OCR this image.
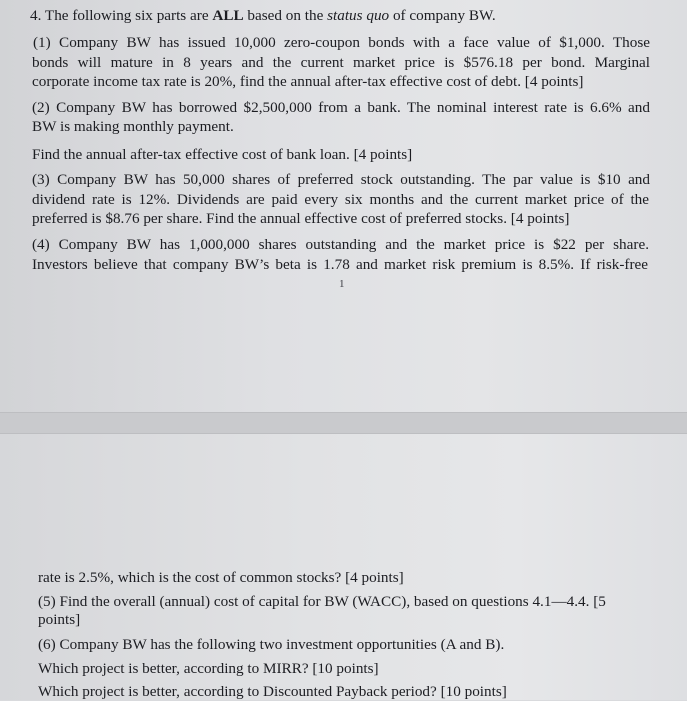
4. The following six parts are ALL based on the status quo of company BW.
(1) Company BW has issued 10,000 zero-coupon bonds with a face value of $1,000. Those
bonds will mature in 8 years and the current market price is $576.18 per bond. Marginal
corporate income tax rate is 20%, find the annual after-tax effective cost of debt. [4 points]
(2) Company BW has borrowed $2,500,000 from a bank. The nominal interest rate is 6.6% and
BW is making monthly payment.
Find the annual after-tax effective cost of bank loan. [4 points]
(3) Company BW has 50,000 shares of preferred stock outstanding. The par value is $10 and
dividend rate is 12%. Dividends are paid every six months and the current market price of the
preferred is $8.76 per share. Find the annual effective cost of preferred stocks. [4 points]
(4) Company BW has 1,000,000 shares outstanding and the market price is $22 per share.
Investors believe that company BW’s beta is 1.78 and market risk premium is 8.5%. If risk-free
1
rate is 2.5%, which is the cost of common stocks? [4 points]
(5) Find the overall (annual) cost of capital for BW (WACC), based on questions 4.1—4.4. [5
points]
(6) Company BW has the following two investment opportunities (A and B).
Which project is better, according to MIRR? [10 points]
Which project is better, according to Discounted Payback period? [10 points]
